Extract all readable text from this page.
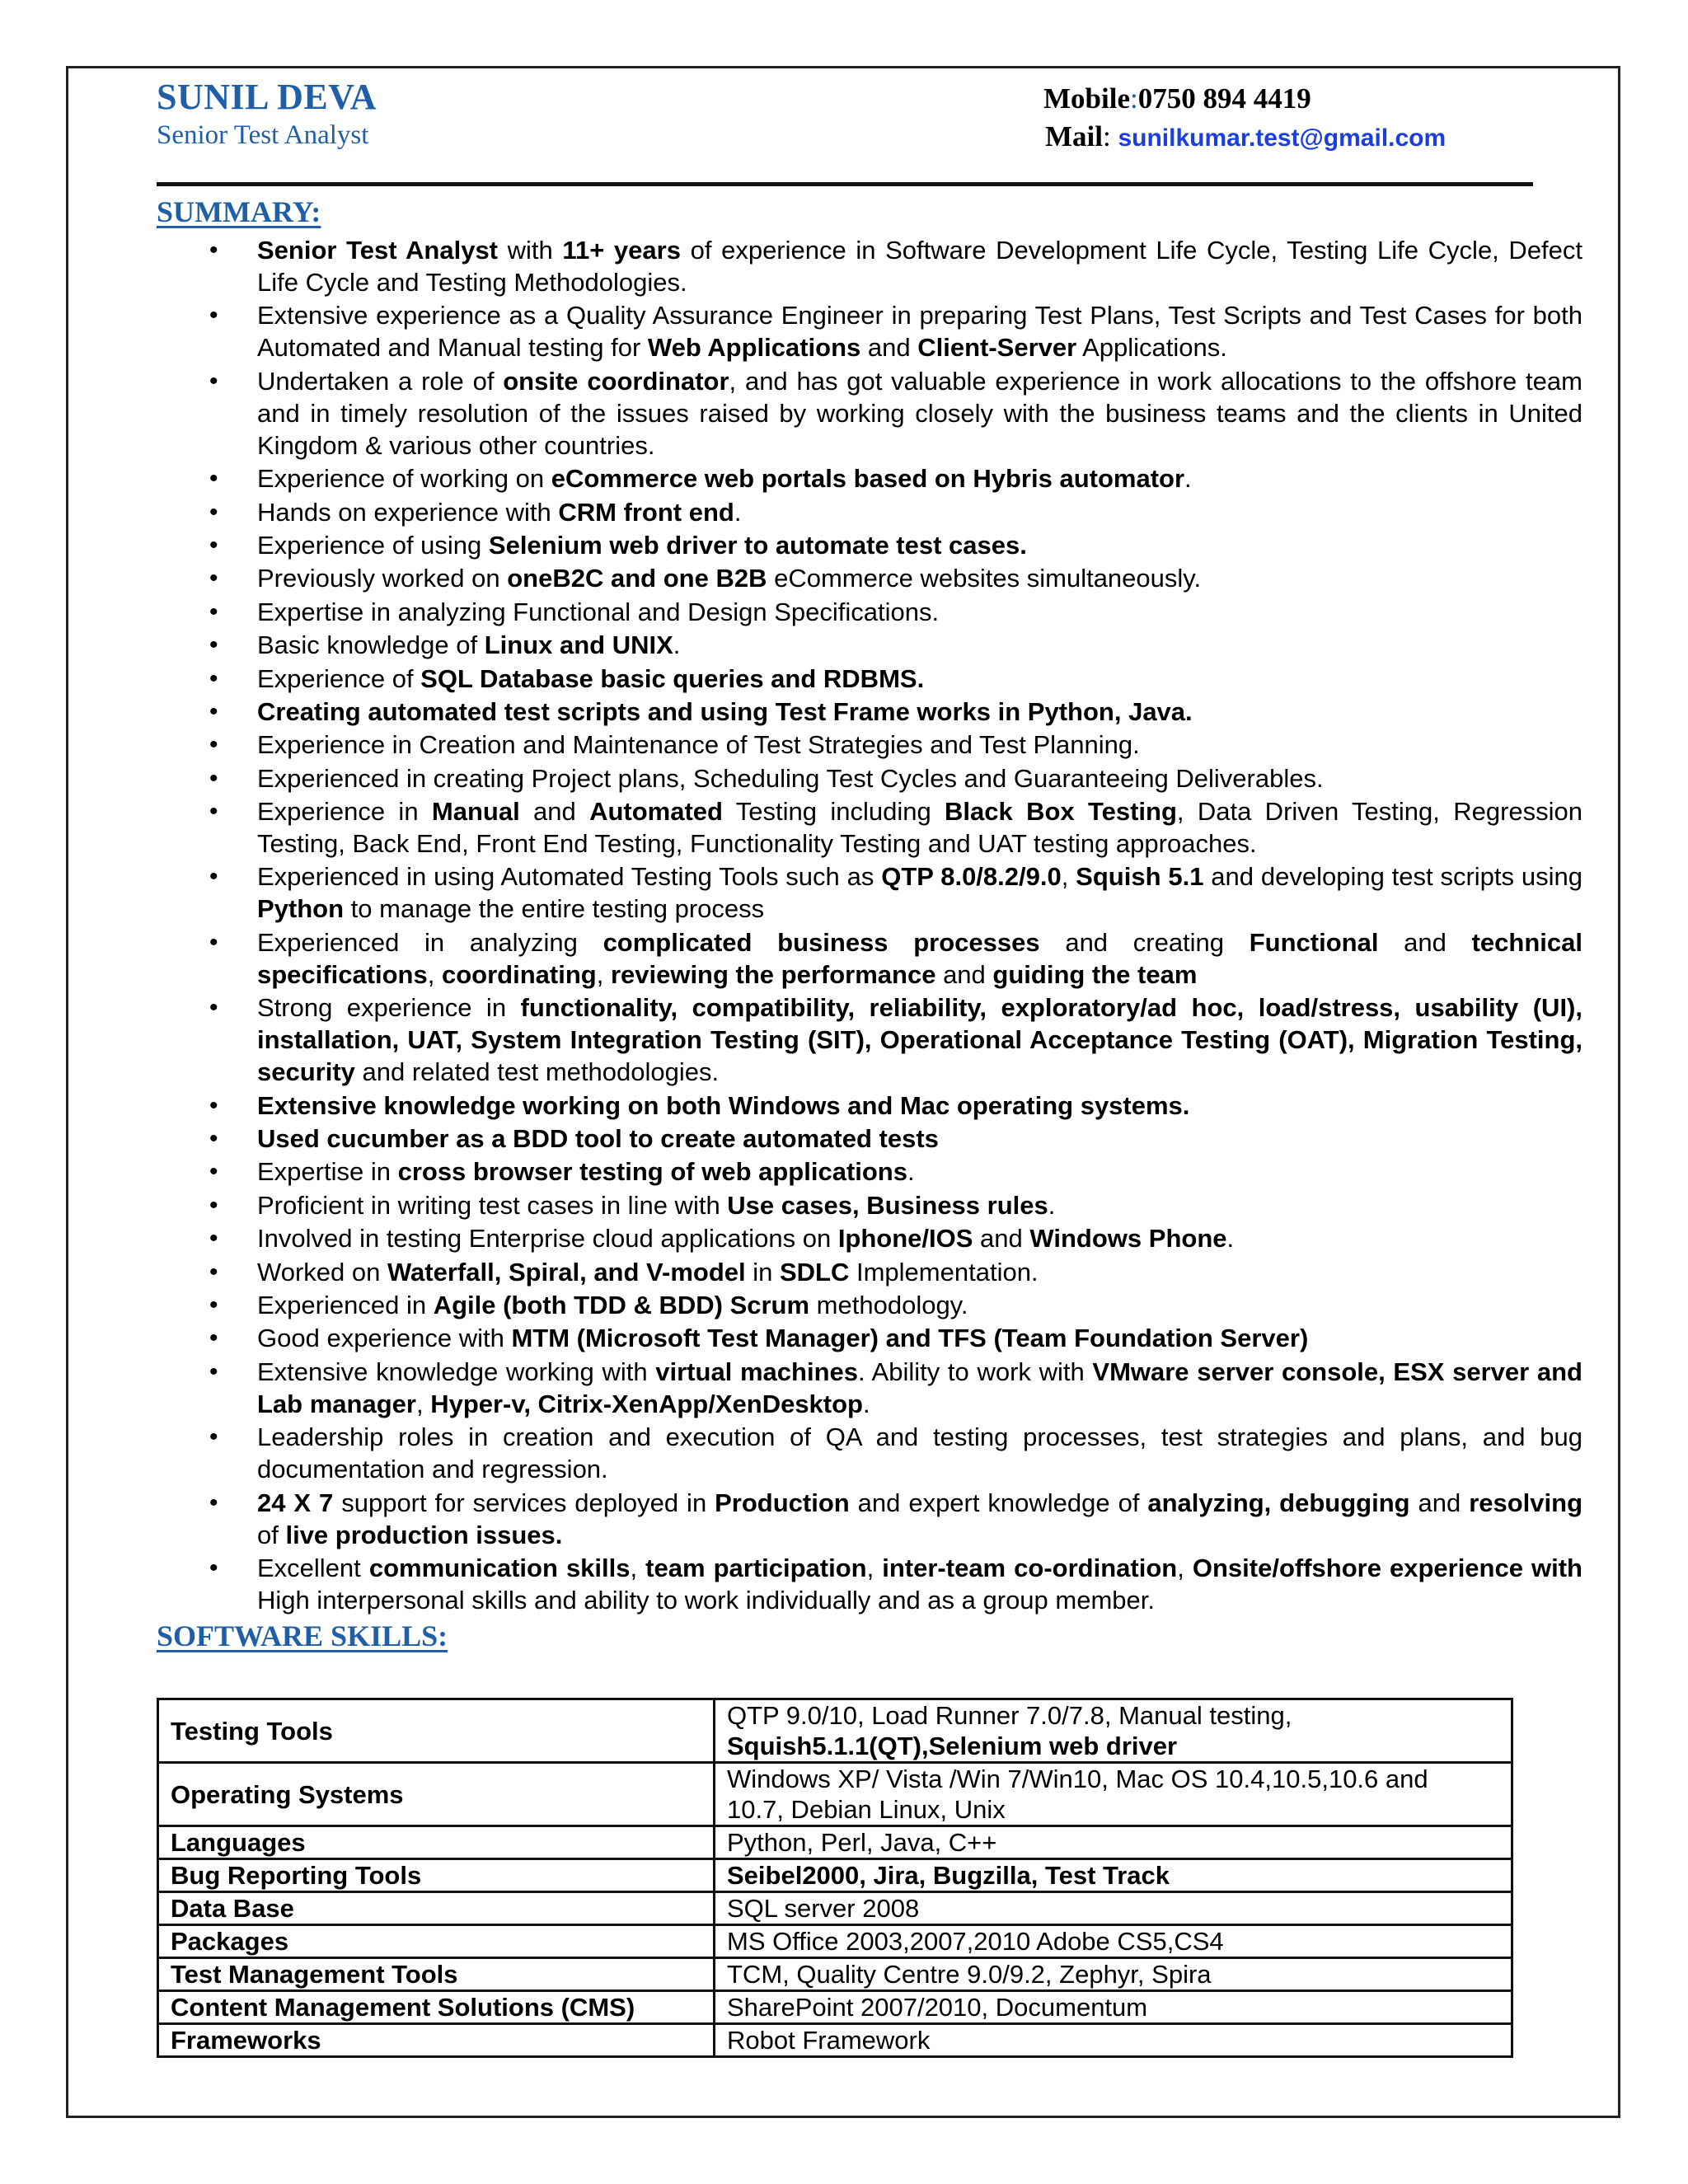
SUNIL DEVA
Senior Test Analyst
Mobile:0750 894 4419
Mail: sunilkumar.test@gmail.com
SUMMARY:
• Senior Test Analyst with 11+ years of experience in Software Development Life Cycle, Testing Life Cycle, Defect Life Cycle and Testing Methodologies.
• Extensive experience as a Quality Assurance Engineer in preparing Test Plans, Test Scripts and Test Cases for both Automated and Manual testing for Web Applications and Client-Server Applications.
• Undertaken a role of onsite coordinator, and has got valuable experience in work allocations to the offshore team and in timely resolution of the issues raised by working closely with the business teams and the clients in United Kingdom & various other countries.
• Experience of working on eCommerce web portals based on Hybris automator.
• Hands on experience with CRM front end.
• Experience of using Selenium web driver to automate test cases.
• Previously worked on oneB2C and one B2B eCommerce websites simultaneously.
• Expertise in analyzing Functional and Design Specifications.
• Basic knowledge of Linux and UNIX.
• Experience of SQL Database basic queries and RDBMS.
• Creating automated test scripts and using Test Frame works in Python, Java.
• Experience in Creation and Maintenance of Test Strategies and Test Planning.
• Experienced in creating Project plans, Scheduling Test Cycles and Guaranteeing Deliverables.
• Experience in Manual and Automated Testing including Black Box Testing, Data Driven Testing, Regression Testing, Back End, Front End Testing, Functionality Testing and UAT testing approaches.
• Experienced in using Automated Testing Tools such as QTP 8.0/8.2/9.0, Squish 5.1 and developing test scripts using Python to manage the entire testing process
• Experienced in analyzing complicated business processes and creating Functional and technical specifications, coordinating, reviewing the performance and guiding the team
• Strong experience in functionality, compatibility, reliability, exploratory/ad hoc, load/stress, usability (UI), installation, UAT, System Integration Testing (SIT), Operational Acceptance Testing (OAT), Migration Testing, security and related test methodologies.
• Extensive knowledge working on both Windows and Mac operating systems.
• Used cucumber as a BDD tool to create automated tests
• Expertise in cross browser testing of web applications.
• Proficient in writing test cases in line with Use cases, Business rules.
• Involved in testing Enterprise cloud applications on Iphone/IOS and Windows Phone.
• Worked on Waterfall, Spiral, and V-model in SDLC Implementation.
• Experienced in Agile (both TDD & BDD) Scrum methodology.
• Good experience with MTM (Microsoft Test Manager) and TFS (Team Foundation Server)
• Extensive knowledge working with virtual machines. Ability to work with VMware server console, ESX server and Lab manager, Hyper-v, Citrix-XenApp/XenDesktop.
• Leadership roles in creation and execution of QA and testing processes, test strategies and plans, and bug documentation and regression.
• 24 X 7 support for services deployed in Production and expert knowledge of analyzing, debugging and resolving of live production issues.
• Excellent communication skills, team participation, inter-team co-ordination, Onsite/offshore experience with High interpersonal skills and ability to work individually and as a group member.
SOFTWARE SKILLS:
Testing Tools	QTP 9.0/10, Load Runner 7.0/7.8, Manual testing,
Squish5.1.1(QT),Selenium web driver

Operating Systems	Windows XP/ Vista /Win 7/Win10, Mac OS 10.4,10.5,10.6 and
10.7, Debian Linux, Unix

Languages	Python, Perl, Java, C++

Bug Reporting Tools	Seibel2000, Jira, Bugzilla, Test Track

Data Base	SQL server 2008

Packages	MS Office 2003,2007,2010 Adobe CS5,CS4

Test Management Tools	TCM, Quality Centre 9.0/9.2, Zephyr, Spira

Content Management Solutions (CMS)	SharePoint 2007/2010, Documentum

Frameworks	Robot Framework
